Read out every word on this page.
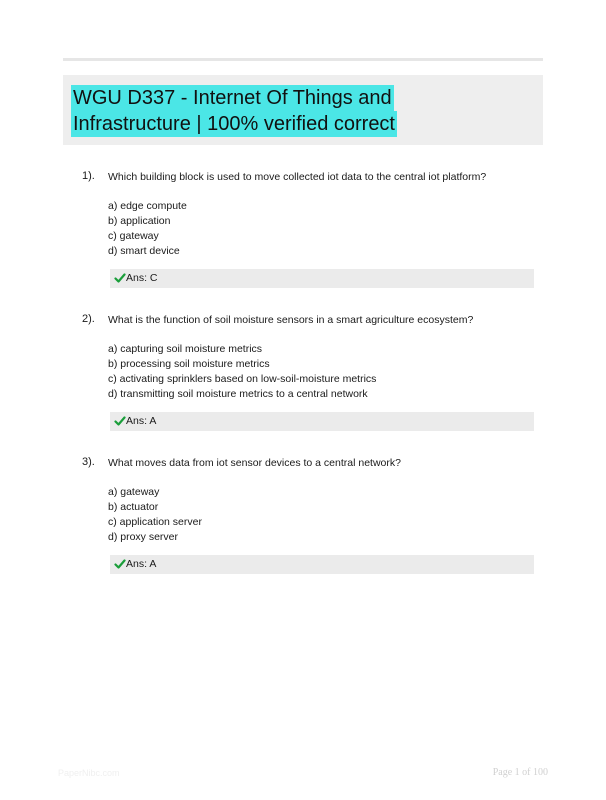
WGU D337 - Internet Of Things and
Infrastructure | 100% verified correct
1). Which building block is used to move collected iot data to the central iot platform?
a) edge compute
b) application
c) gateway
d) smart device
Ans: C
2). What is the function of soil moisture sensors in a smart agriculture ecosystem?
a) capturing soil moisture metrics
b) processing soil moisture metrics
c) activating sprinklers based on low-soil-moisture metrics
d) transmitting soil moisture metrics to a central network
Ans: A
3). What moves data from iot sensor devices to a central network?
a) gateway
b) actuator
c) application server
d) proxy server
Ans: A
PaperNibc.com	Page 1 of 100
